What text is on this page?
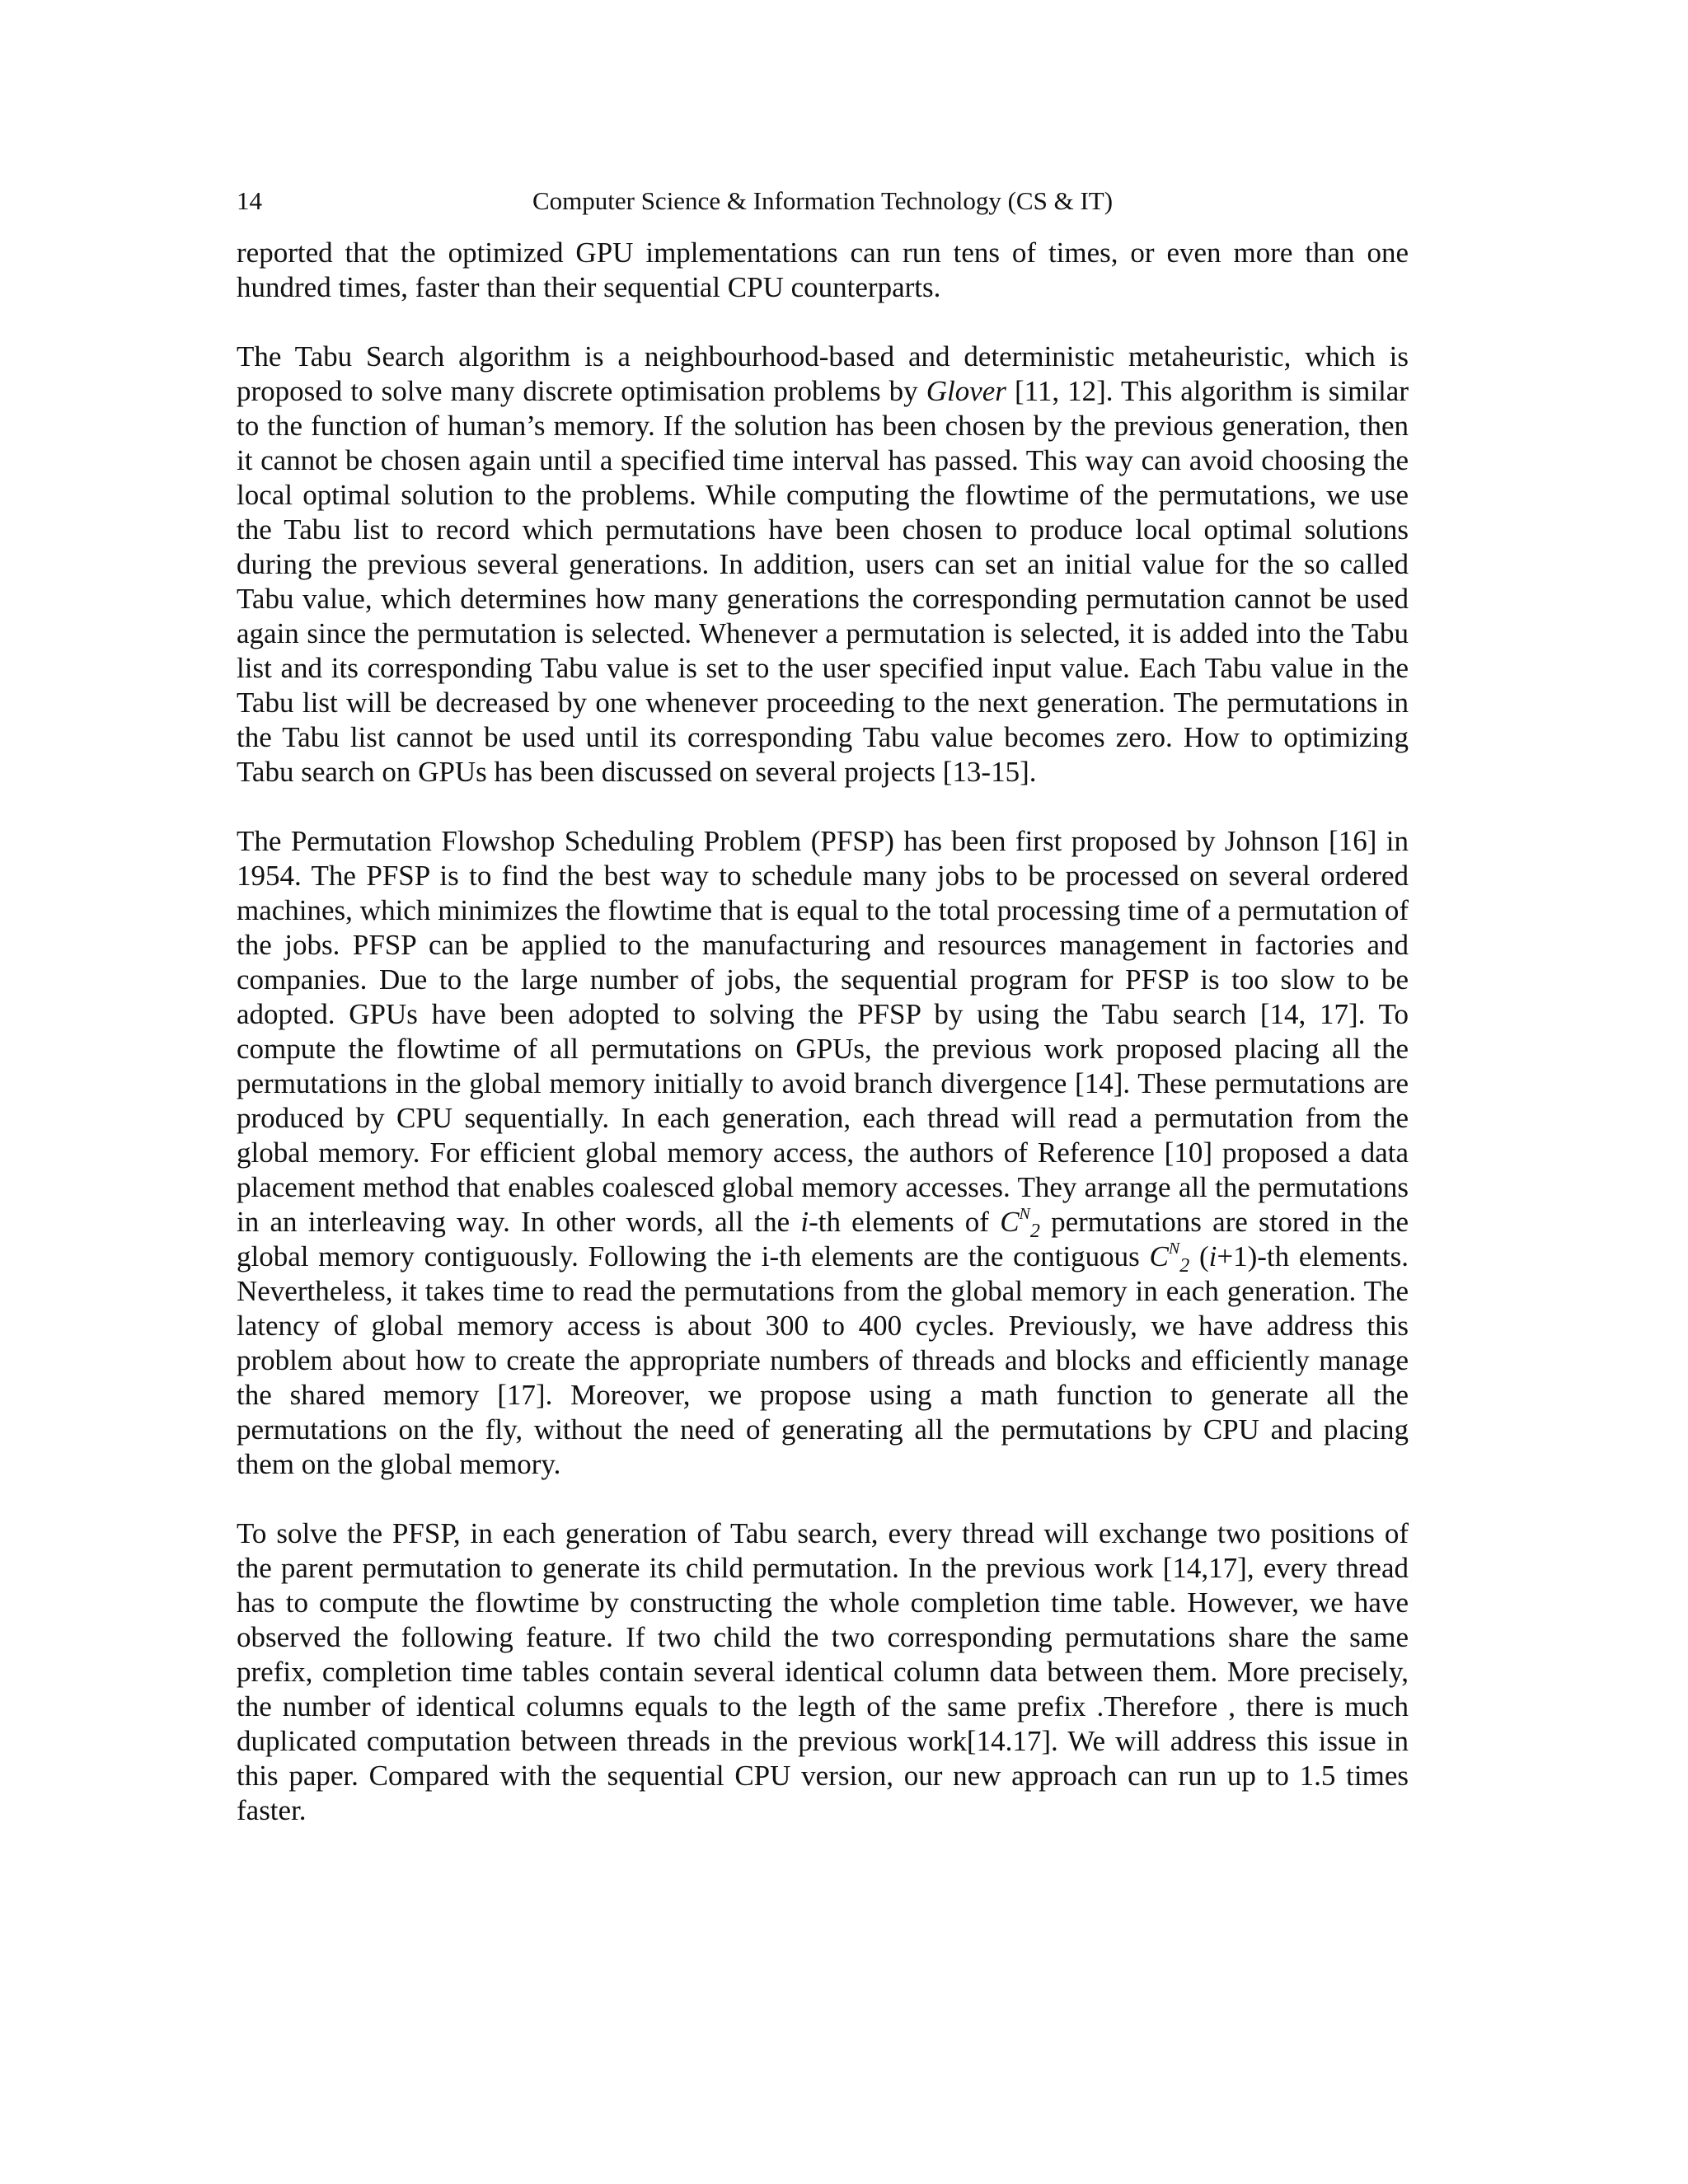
14	Computer Science & Information Technology (CS & IT)

reported that the optimized GPU implementations can run tens of times, or even more than one hundred times, faster than their sequential CPU counterparts.

The Tabu Search algorithm is a neighbourhood-based and deterministic metaheuristic, which is proposed to solve many discrete optimisation problems by Glover [11, 12]. This algorithm is similar to the function of human’s memory. If the solution has been chosen by the previous generation, then it cannot be chosen again until a specified time interval has passed. This way can avoid choosing the local optimal solution to the problems. While computing the flowtime of the permutations, we use the Tabu list to record which permutations have been chosen to produce local optimal solutions during the previous several generations. In addition, users can set an initial value for the so called Tabu value, which determines how many generations the corresponding permutation cannot be used again since the permutation is selected. Whenever a permutation is selected, it is added into the Tabu list and its corresponding Tabu value is set to the user specified input value. Each Tabu value in the Tabu list will be decreased by one whenever proceeding to the next generation. The permutations in the Tabu list cannot be used until its corresponding Tabu value becomes zero. How to optimizing Tabu search on GPUs has been discussed on several projects [13-15].

The Permutation Flowshop Scheduling Problem (PFSP) has been first proposed by Johnson [16] in 1954. The PFSP is to find the best way to schedule many jobs to be processed on several ordered machines, which minimizes the flowtime that is equal to the total processing time of a permutation of the jobs. PFSP can be applied to the manufacturing and resources management in factories and companies. Due to the large number of jobs, the sequential program for PFSP is too slow to be adopted. GPUs have been adopted to solving the PFSP by using the Tabu search [14, 17]. To compute the flowtime of all permutations on GPUs, the previous work proposed placing all the permutations in the global memory initially to avoid branch divergence [14]. These permutations are produced by CPU sequentially. In each generation, each thread will read a permutation from the global memory. For efficient global memory access, the authors of Reference [10] proposed a data placement method that enables coalesced global memory accesses. They arrange all the permutations in an interleaving way. In other words, all the i-th elements of $C^N_2$ permutations are stored in the global memory contiguously. Following the i-th elements are the contiguous $C^N_2$ (i+1)-th elements. Nevertheless, it takes time to read the permutations from the global memory in each generation. The latency of global memory access is about 300 to 400 cycles. Previously, we have address this problem about how to create the appropriate numbers of threads and blocks and efficiently manage the shared memory [17]. Moreover, we propose using a math function to generate all the permutations on the fly, without the need of generating all the permutations by CPU and placing them on the global memory.

To solve the PFSP, in each generation of Tabu search, every thread will exchange two positions of the parent permutation to generate its child permutation. In the previous work [14,17], every thread has to compute the flowtime by constructing the whole completion time table. However, we have observed the following feature. If two child the two corresponding permutations share the same prefix, completion time tables contain several identical column data between them. More precisely, the number of identical columns equals to the legth of the same prefix .Therefore , there is much duplicated computation between threads in the previous work[14.17]. We will address this issue in this paper. Compared with the sequential CPU version, our new approach can run up to 1.5 times faster.
